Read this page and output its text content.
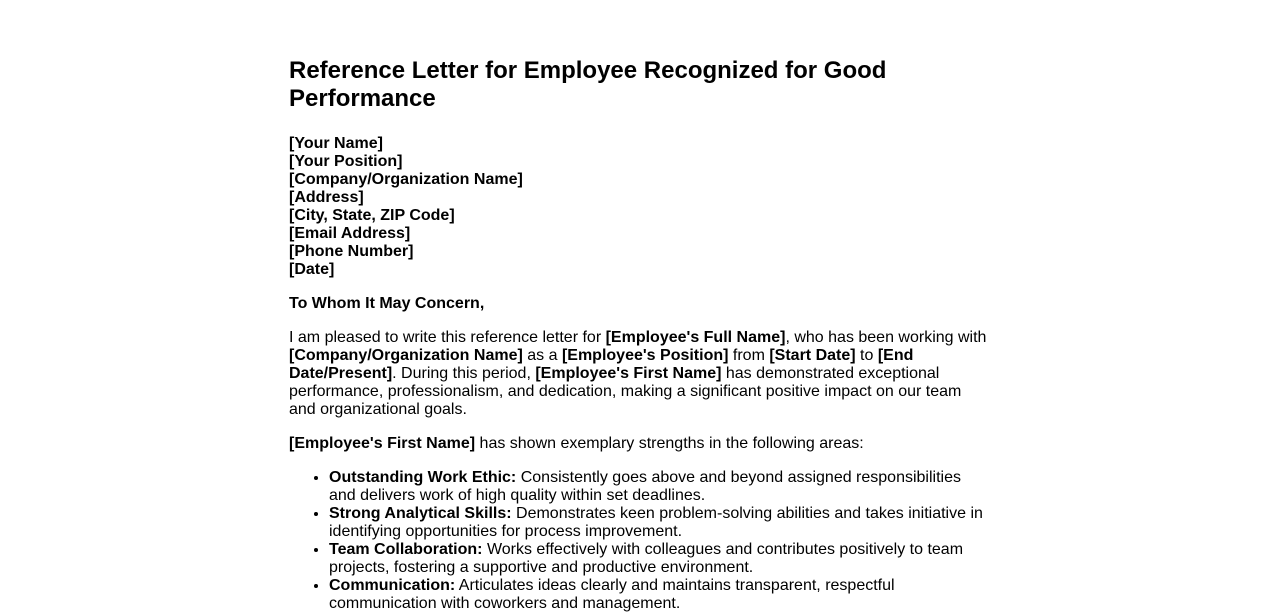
Reference Letter for Employee Recognized for Good Performance

[Your Name]
[Your Position]
[Company/Organization Name]
[Address]
[City, State, ZIP Code]
[Email Address]
[Phone Number]
[Date]

To Whom It May Concern,

I am pleased to write this reference letter for [Employee's Full Name], who has been working with [Company/Organization Name] as a [Employee's Position] from [Start Date] to [End Date/Present]. During this period, [Employee's First Name] has demonstrated exceptional performance, professionalism, and dedication, making a significant positive impact on our team and organizational goals.

[Employee's First Name] has shown exemplary strengths in the following areas:

• Outstanding Work Ethic: Consistently goes above and beyond assigned responsibilities and delivers work of high quality within set deadlines.
• Strong Analytical Skills: Demonstrates keen problem-solving abilities and takes initiative in identifying opportunities for process improvement.
• Team Collaboration: Works effectively with colleagues and contributes positively to team projects, fostering a supportive and productive environment.
• Communication: Articulates ideas clearly and maintains transparent, respectful communication with coworkers and management.
